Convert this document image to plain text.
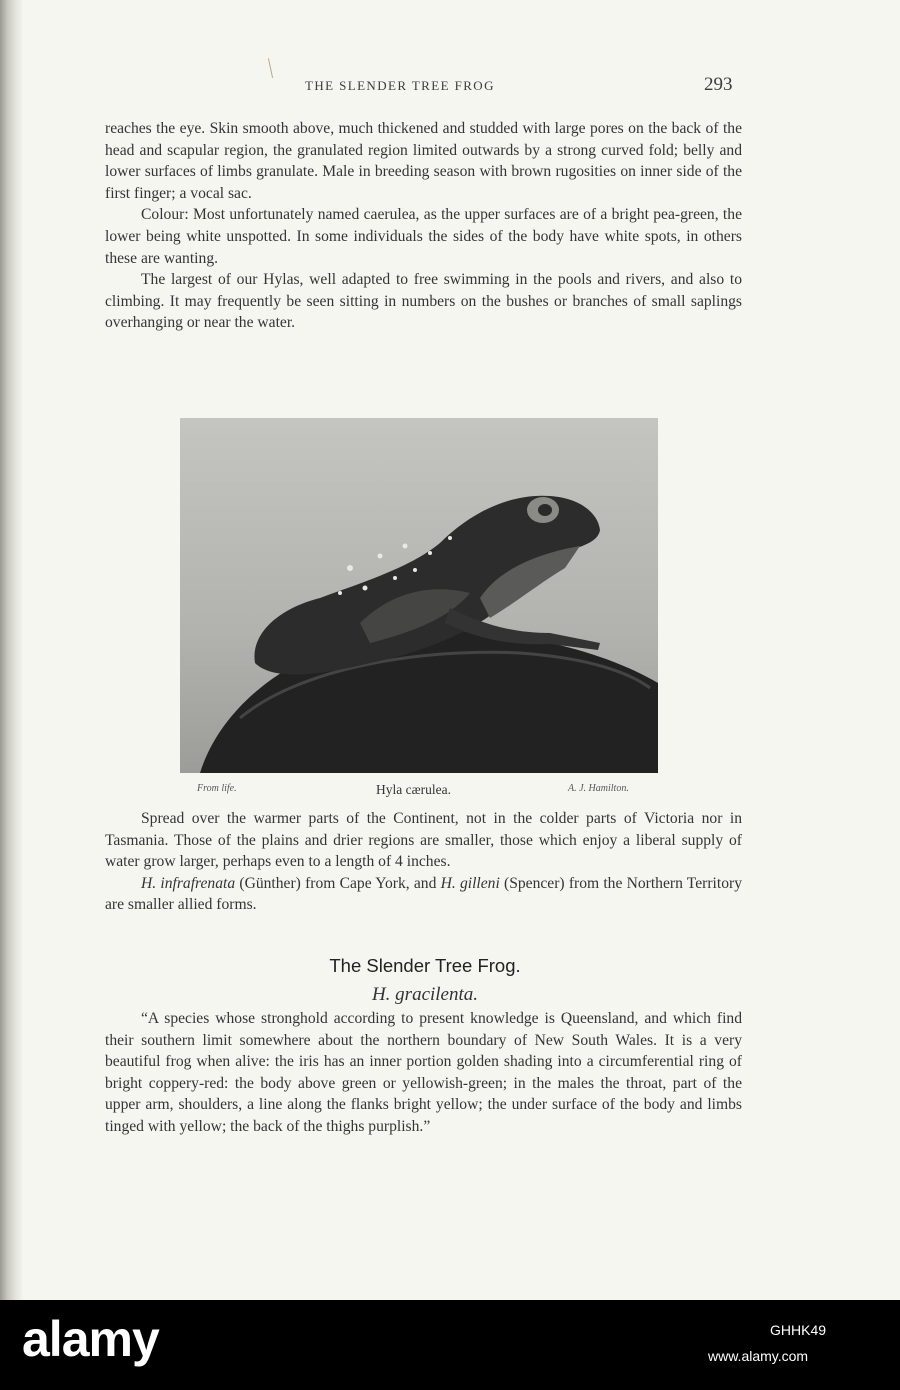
THE SLENDER TREE FROG	293

reaches the eye. Skin smooth above, much thickened and studded with large pores on the back of the head and scapular region, the granulated region limited outwards by a strong curved fold; belly and lower surfaces of limbs granulate. Male in breeding season with brown rugosities on inner side of the first finger; a vocal sac.

Colour: Most unfortunately named caerulea, as the upper surfaces are of a bright pea-green, the lower being white unspotted. In some individuals the sides of the body have white spots, in others these are wanting.

The largest of our Hylas, well adapted to free swimming in the pools and rivers, and also to climbing. It may frequently be seen sitting in numbers on the bushes or branches of small saplings overhanging or near the water.

From life.	Hyla cærulea.	A. J. Hamilton.

Spread over the warmer parts of the Continent, not in the colder parts of Victoria nor in Tasmania. Those of the plains and drier regions are smaller, those which enjoy a liberal supply of water grow larger, perhaps even to a length of 4 inches.

H. infrafrenata (Günther) from Cape York, and H. gilleni (Spencer) from the Northern Territory are smaller allied forms.

The Slender Tree Frog.
H. gracilenta.

“A species whose stronghold according to present knowledge is Queensland, and which find their southern limit somewhere about the northern boundary of New South Wales. It is a very beautiful frog when alive: the iris has an inner portion golden shading into a circumferential ring of bright coppery-red: the body above green or yellowish-green; in the males the throat, part of the upper arm, shoulders, a line along the flanks bright yellow; the under surface of the body and limbs tinged with yellow; the back of the thighs purplish.”

alamy	GHHK49
www.alamy.com
